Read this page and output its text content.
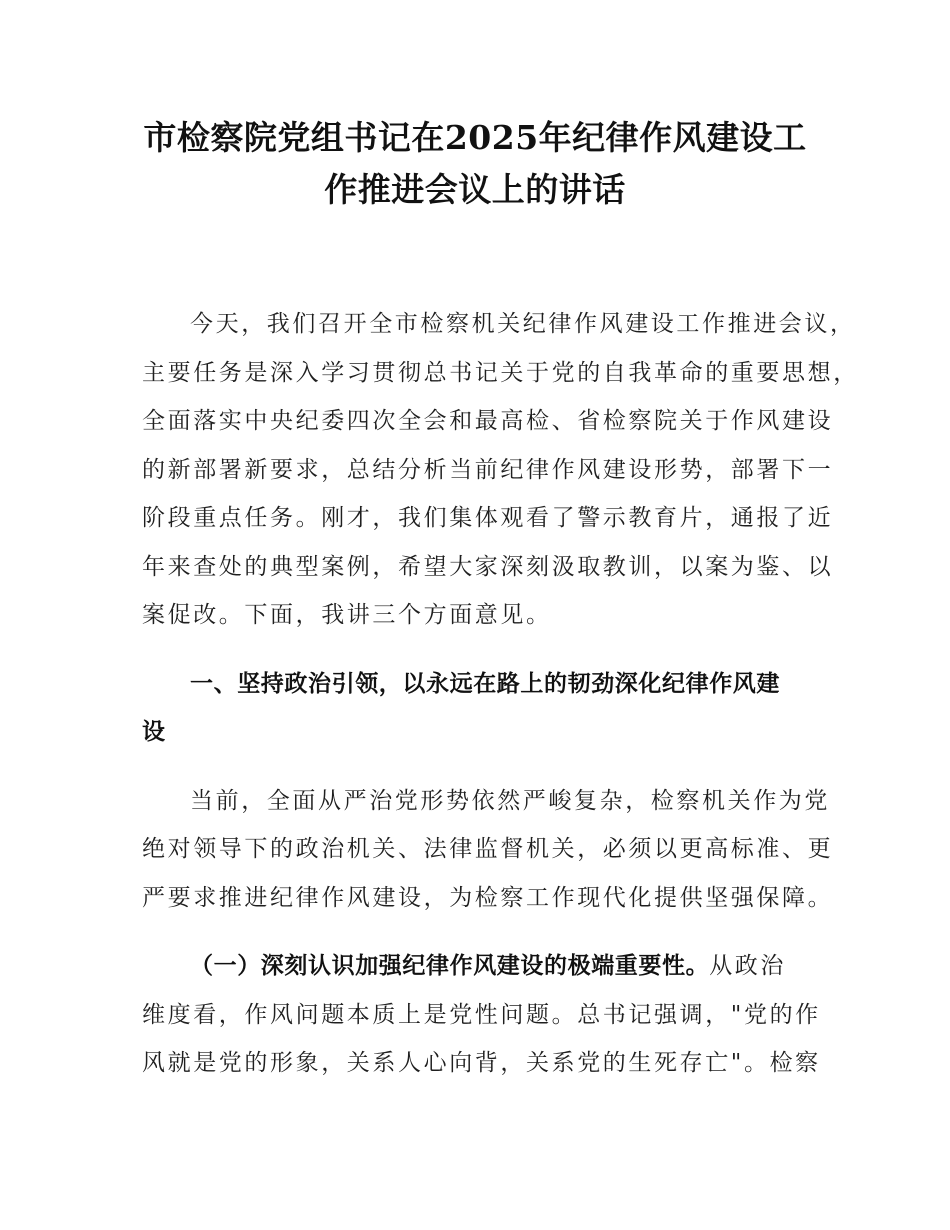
市检察院党组书记在2025年纪律作风建设工
作推进会议上的讲话

今天，我们召开全市检察机关纪律作风建设工作推进会议，

主要任务是深入学习贯彻总书记关于党的自我革命的重要思想，

全面落实中央纪委四次全会和最高检、省检察院关于作风建设

的新部署新要求，总结分析当前纪律作风建设形势，部署下一

阶段重点任务。刚才，我们集体观看了警示教育片，通报了近

年来查处的典型案例，希望大家深刻汲取教训，以案为鉴、以

案促改。下面，我讲三个方面意见。

一、坚持政治引领，以永远在路上的韧劲深化纪律作风建

设

当前，全面从严治党形势依然严峻复杂，检察机关作为党

绝对领导下的政治机关、法律监督机关，必须以更高标准、更

严要求推进纪律作风建设，为检察工作现代化提供坚强保障。

（一）深刻认识加强纪律作风建设的极端重要性。从政治

维度看，作风问题本质上是党性问题。总书记强调，"党的作

风就是党的形象，关系人心向背，关系党的生死存亡"。检察
